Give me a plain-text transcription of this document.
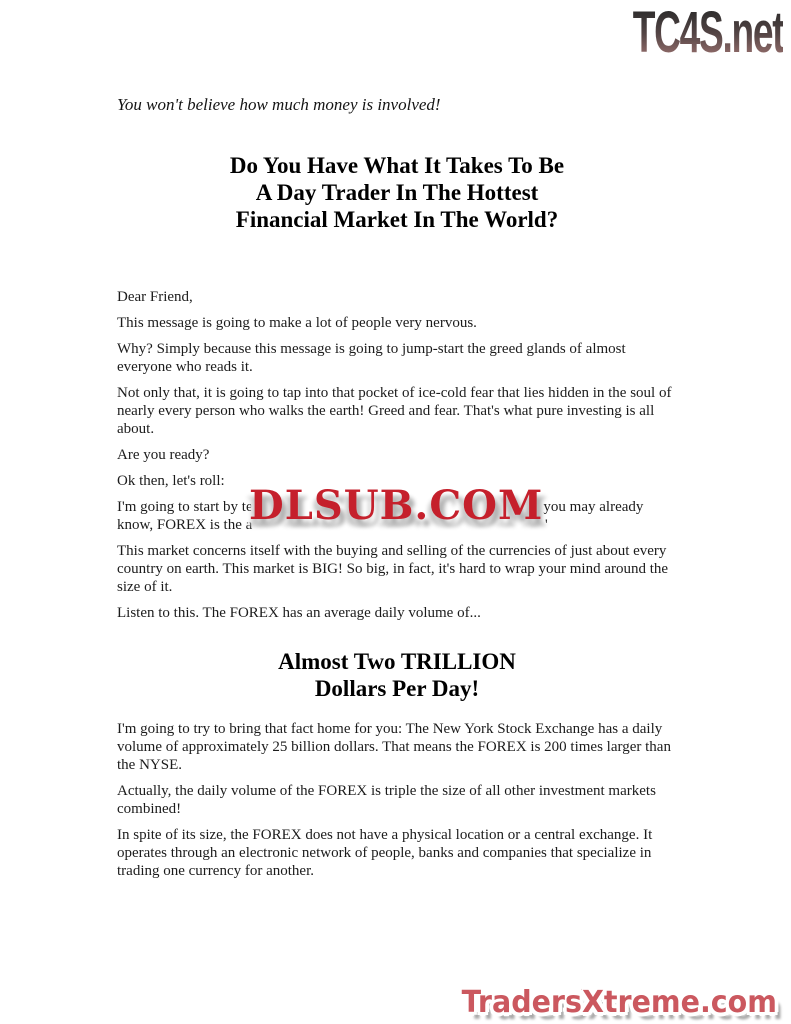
TC4S.net

You won't believe how much money is involved!

Do You Have What It Takes To Be
A Day Trader In The Hottest
Financial Market In The World?

Dear Friend,

This message is going to make a lot of people very nervous.

Why? Simply because this message is going to jump-start the greed glands of almost everyone who reads it.

Not only that, it is going to tap into that pocket of ice-cold fear that lies hidden in the soul of nearly every person who walks the earth! Greed and fear. That's what pure investing is all about.

Are you ready?

Ok then, let's roll:

I'm going to start by te	As you may already
know, FOREX is the a	'
DLSUB.COM

This market concerns itself with the buying and selling of the currencies of just about every country on earth. This market is BIG! So big, in fact, it's hard to wrap your mind around the size of it.

Listen to this. The FOREX has an average daily volume of...

Almost Two TRILLION
Dollars Per Day!

I'm going to try to bring that fact home for you: The New York Stock Exchange has a daily volume of approximately 25 billion dollars. That means the FOREX is 200 times larger than the NYSE.

Actually, the daily volume of the FOREX is triple the size of all other investment markets combined!

In spite of its size, the FOREX does not have a physical location or a central exchange. It operates through an electronic network of people, banks and companies that specialize in trading one currency for another.

TradersXtreme.com
